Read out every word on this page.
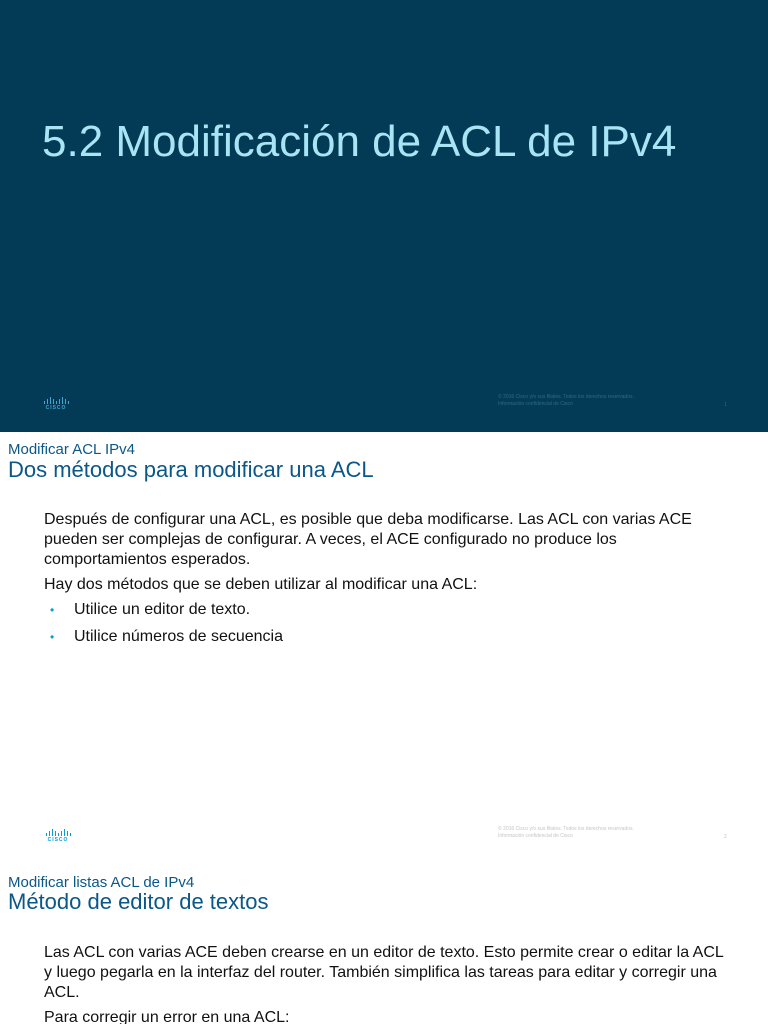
5.2 Modificación de ACL de IPv4
CISCO
© 2016 Cisco y/o sus filiales. Todos los derechos reservados.
Información confidencial de Cisco	1
Modificar ACL IPv4
Dos métodos para modificar una ACL

Después de configurar una ACL, es posible que deba modificarse. Las ACL con varias ACE pueden ser complejas de configurar. A veces, el ACE configurado no produce los comportamientos esperados.

Hay dos métodos que se deben utilizar al modificar una ACL:

• Utilice un editor de texto.
• Utilice números de secuencia
CISCO
© 2016 Cisco y/o sus filiales. Todos los derechos reservados.
Información confidencial de Cisco	2
Modificar listas ACL de IPv4
Método de editor de textos

Las ACL con varias ACE deben crearse en un editor de texto. Esto permite crear o editar la ACL y luego pegarla en la interfaz del router. También simplifica las tareas para editar y corregir una ACL.

Para corregir un error en una ACL:
